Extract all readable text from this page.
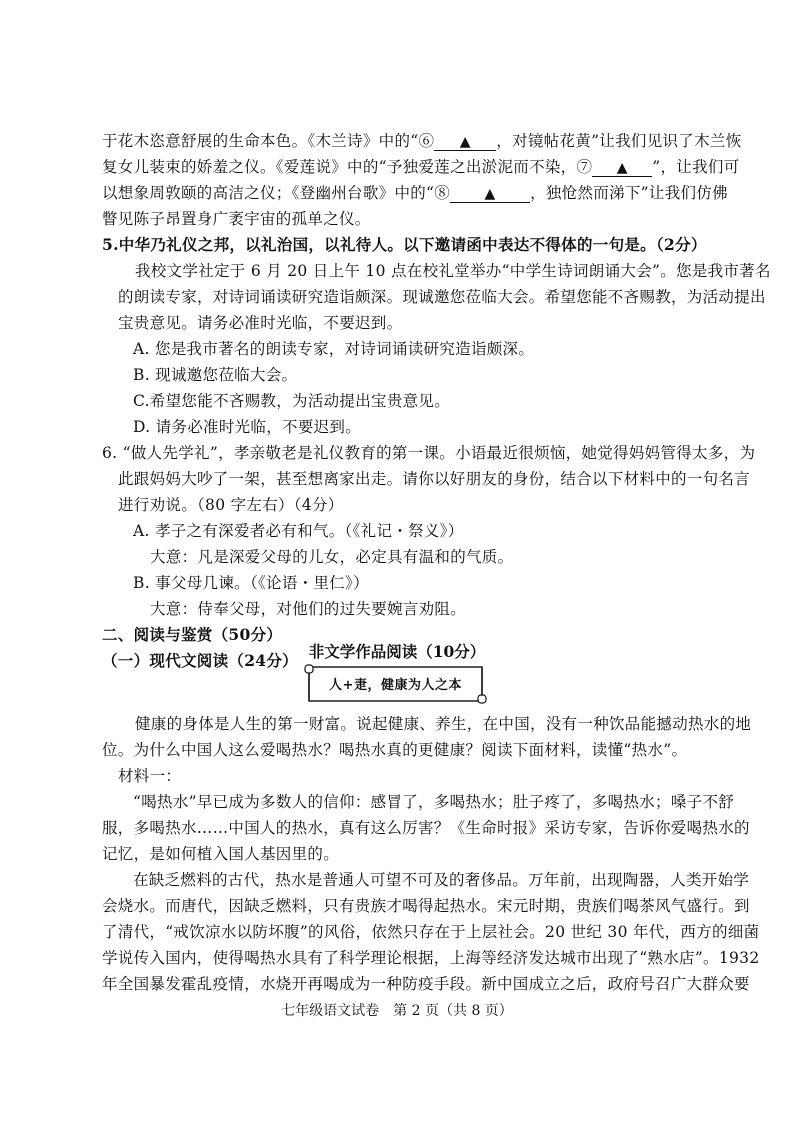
于花木恣意舒展的生命本色。《木兰诗》中的“⑥ ▲ ，对镜帖花黄”让我们见识了木兰恢
复女儿装束的娇羞之仪。《爱莲说》中的“予独爱莲之出淤泥而不染，⑦ ▲ ”，让我们可
以想象周敦颐的高洁之仪；《登幽州台歌》中的“⑧ ▲ ，独怆然而涕下”让我们仿佛
瞥见陈子昂置身广袤宇宙的孤单之仪。
5.中华乃礼仪之邦，以礼治国，以礼待人。以下邀请函中表达不得体的一句是。（2分）
我校文学社定于 6 月 20 日上午 10 点在校礼堂举办“中学生诗词朗诵大会”。您是我市著名
的朗读专家，对诗词诵读研究造诣颇深。现诚邀您莅临大会。希望您能不吝赐教，为活动提出
宝贵意见。请务必准时光临，不要迟到。
A. 您是我市著名的朗读专家，对诗词诵读研究造诣颇深。
B. 现诚邀您莅临大会。
C.希望您能不吝赐教，为活动提出宝贵意见。
D. 请务必准时光临，不要迟到。
6. “做人先学礼”，孝亲敬老是礼仪教育的第一课。小语最近很烦恼，她觉得妈妈管得太多，为
此跟妈妈大吵了一架，甚至想离家出走。请你以好朋友的身份，结合以下材料中的一句名言
进行劝说。（80 字左右）（4分）
A. 孝子之有深爱者必有和气。（《礼记・祭义》）
大意：凡是深爱父母的儿女，必定具有温和的气质。
B. 事父母几谏。（《论语・里仁》）
大意：侍奉父母，对他们的过失要婉言劝阻。
二、阅读与鉴赏（50分）
（一）现代文阅读（24分） 非文学作品阅读（10分）
人+疌，健康为人之本
健康的身体是人生的第一财富。说起健康、养生，在中国，没有一种饮品能撼动热水的地
位。为什么中国人这么爱喝热水？喝热水真的更健康？阅读下面材料，读懂“热水”。
材料一：
“喝热水”早已成为多数人的信仰：感冒了，多喝热水；肚子疼了，多喝热水；嗓子不舒
服，多喝热水……中国人的热水，真有这么厉害？《生命时报》采访专家，告诉你爱喝热水的
记忆，是如何植入国人基因里的。
在缺乏燃料的古代，热水是普通人可望不可及的奢侈品。万年前，出现陶器，人类开始学
会烧水。而唐代，因缺乏燃料，只有贵族才喝得起热水。宋元时期，贵族们喝茶风气盛行。到
了清代，“戒饮凉水以防坏腹”的风俗，依然只存在于上层社会。20 世纪 30 年代，西方的细菌
学说传入国内，使得喝热水具有了科学理论根据，上海等经济发达城市出现了“熟水店”。1932
年全国暴发霍乱疫情，水烧开再喝成为一种防疫手段。新中国成立之后，政府号召广大群众要
七年级语文试卷　第 2 页（共 8 页）
